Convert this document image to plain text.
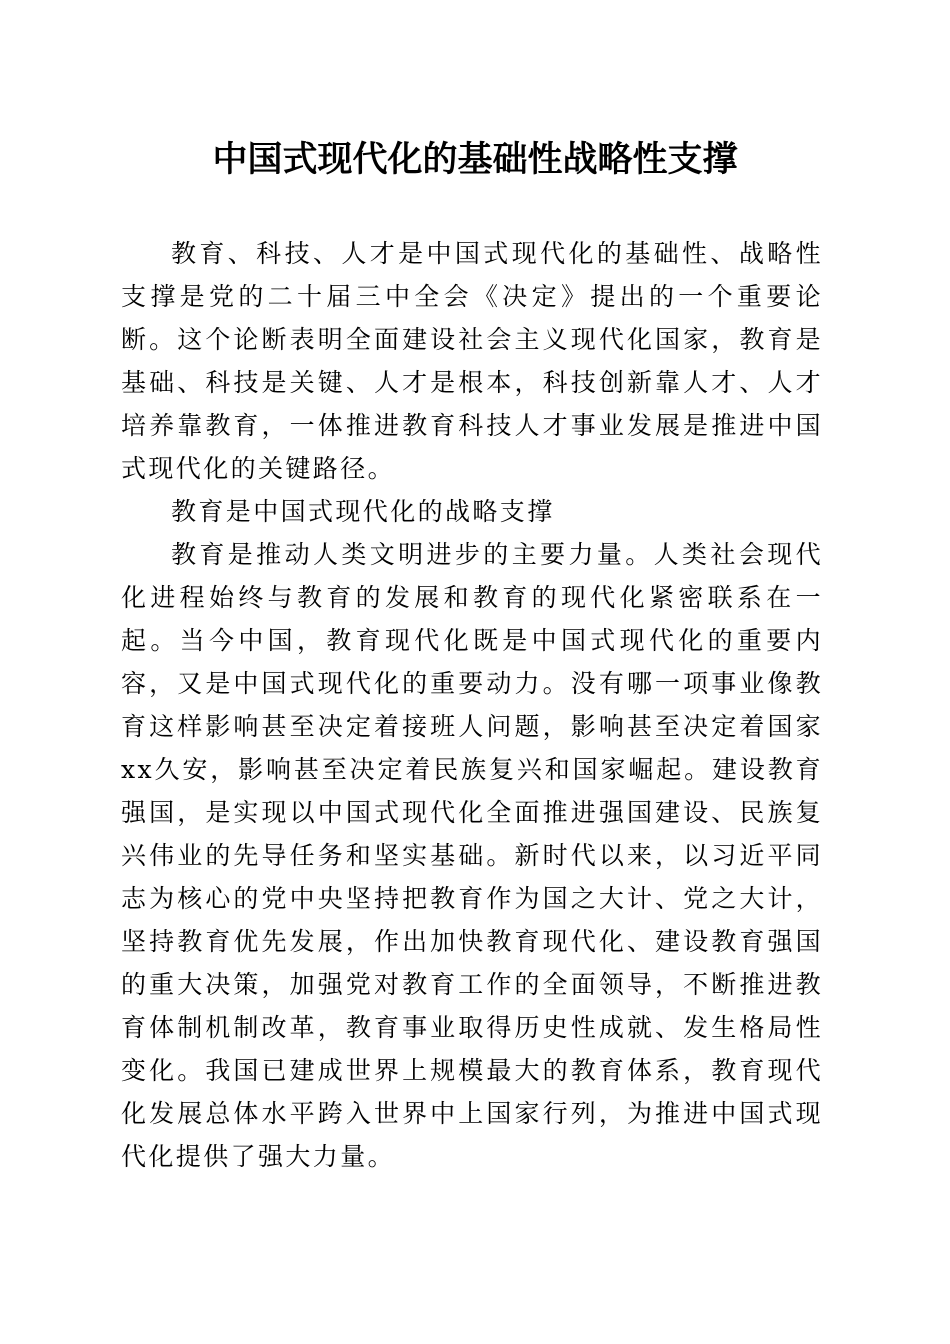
中国式现代化的基础性战略性支撑

教育、科技、人才是中国式现代化的基础性、战略性支撑是党的二十届三中全会《决定》提出的一个重要论断。这个论断表明全面建设社会主义现代化国家，教育是基础、科技是关键、人才是根本，科技创新靠人才、人才培养靠教育，一体推进教育科技人才事业发展是推进中国式现代化的关键路径。

教育是中国式现代化的战略支撑

教育是推动人类文明进步的主要力量。人类社会现代化进程始终与教育的发展和教育的现代化紧密联系在一起。当今中国，教育现代化既是中国式现代化的重要内容，又是中国式现代化的重要动力。没有哪一项事业像教育这样影响甚至决定着接班人问题，影响甚至决定着国家xx久安，影响甚至决定着民族复兴和国家崛起。建设教育强国，是实现以中国式现代化全面推进强国建设、民族复兴伟业的先导任务和坚实基础。新时代以来，以习近平同志为核心的党中央坚持把教育作为国之大计、党之大计，坚持教育优先发展，作出加快教育现代化、建设教育强国的重大决策，加强党对教育工作的全面领导，不断推进教育体制机制改革，教育事业取得历史性成就、发生格局性变化。我国已建成世界上规模最大的教育体系，教育现代化发展总体水平跨入世界中上国家行列，为推进中国式现代化提供了强大力量。
